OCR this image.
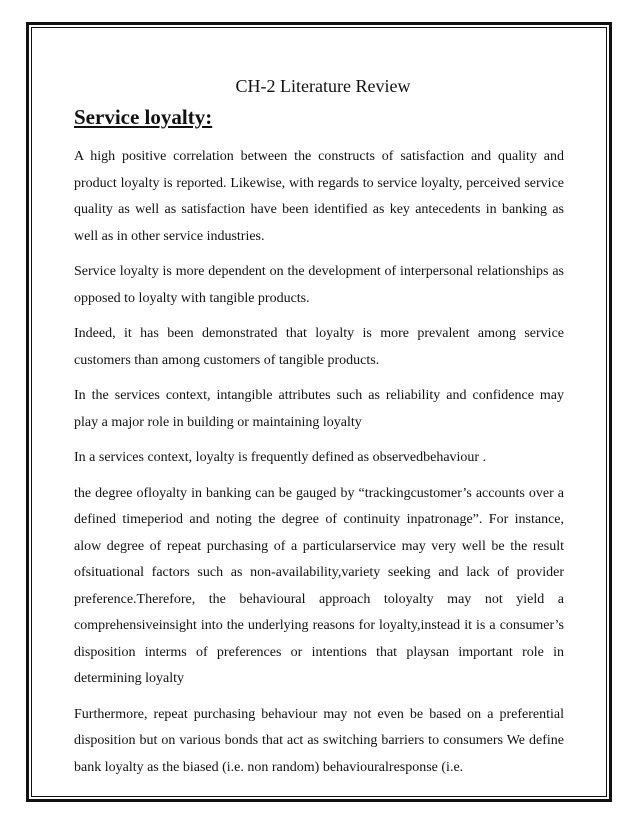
CH-2 Literature Review
Service loyalty:

A high positive correlation between the constructs of satisfaction and quality and product loyalty is reported. Likewise, with regards to service loyalty, perceived service quality as well as satisfaction have been identified as key antecedents in banking as well as in other service industries.

Service loyalty is more dependent on the development of interpersonal relationships as opposed to loyalty with tangible products.

Indeed, it has been demonstrated that loyalty is more prevalent among service customers than among customers of tangible products.

In the services context, intangible attributes such as reliability and confidence may play a major role in building or maintaining loyalty

In a services context, loyalty is frequently defined as observedbehaviour .

the degree ofloyalty in banking can be gauged by “trackingcustomer’s accounts over a defined timeperiod and noting the degree of continuity inpatronage”. For instance, alow degree of repeat purchasing of a particularservice may very well be the result ofsituational factors such as non-availability,variety seeking and lack of provider preference.Therefore, the behavioural approach toloyalty may not yield a comprehensiveinsight into the underlying reasons for loyalty,instead it is a consumer’s disposition interms of preferences or intentions that playsan important role in determining loyalty

Furthermore, repeat purchasing behaviour may not even be based on a preferential disposition but on various bonds that act as switching barriers to consumers We define bank loyalty as the biased (i.e. non random) behaviouralresponse (i.e.
